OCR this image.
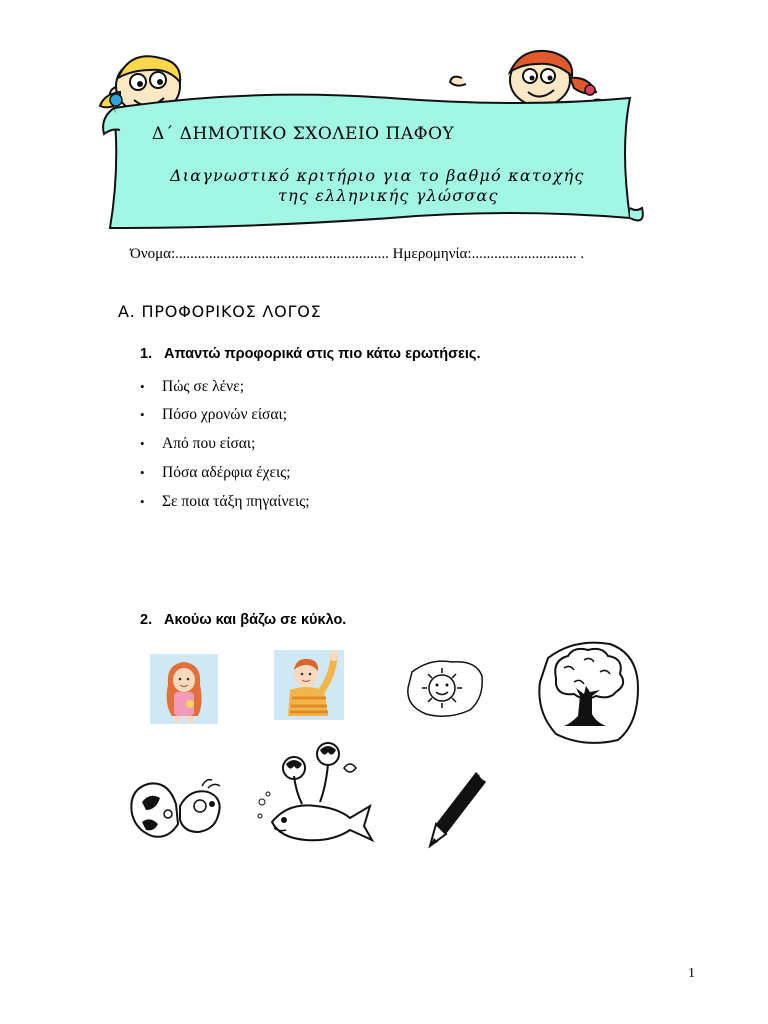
Δ΄ ΔΗΜΟΤΙΚΟ ΣΧΟΛΕΙΟ ΠΑΦΟΥ
Διαγνωστικό κριτήριο για το βαθμό κατοχής
της ελληνικής γλώσσας
Όνομα:......................................................... Ημερομηνία:............................ .
Α. ΠΡΟΦΟΡΙΚΟΣ ΛΟΓΟΣ
1. Απαντώ προφορικά στις πιο κάτω ερωτήσεις.
• Πώς σε λένε;
• Πόσο χρονών είσαι;
• Από που είσαι;
• Πόσα αδέρφια έχεις;
• Σε ποια τάξη πηγαίνεις;
2. Ακούω και βάζω σε κύκλο.
1
